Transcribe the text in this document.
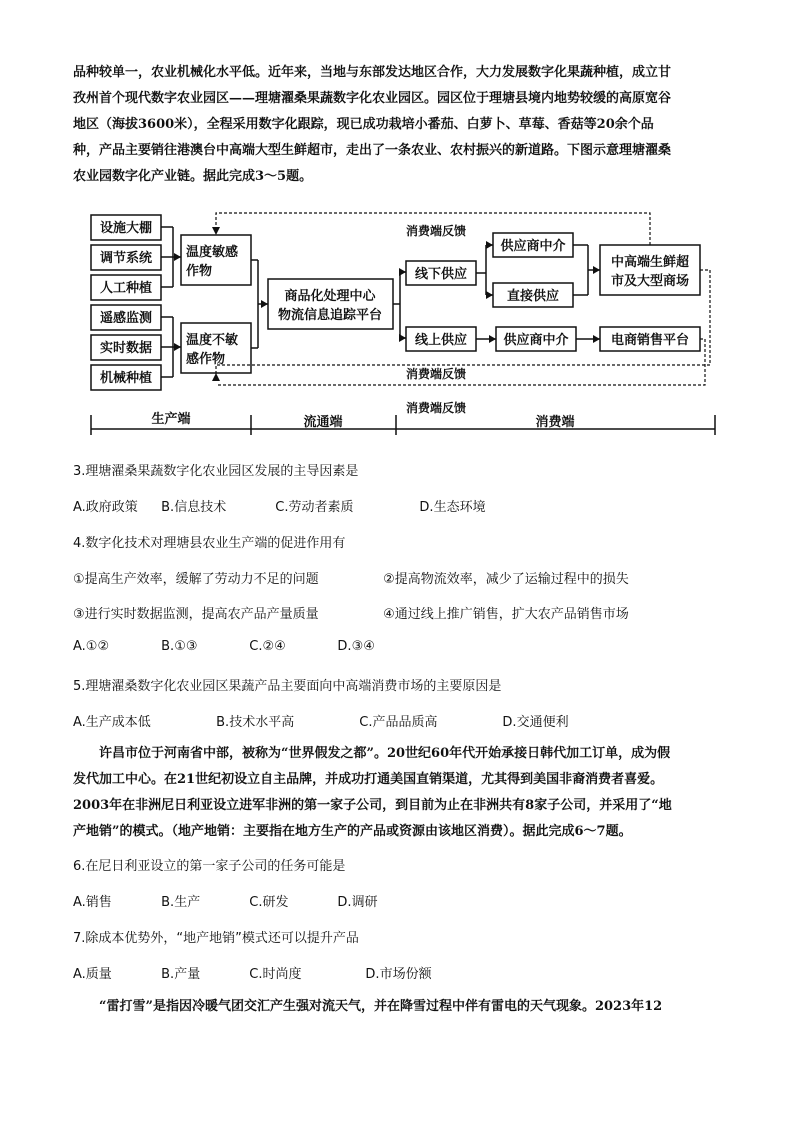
品种较单一，农业机械化水平低。近年来，当地与东部发达地区合作，大力发展数字化果蔬种植，成立甘

孜州首个现代数字农业园区——理塘濯桑果蔬数字化农业园区。园区位于理塘县境内地势较缓的高原宽谷

地区（海拔3600米），全程采用数字化跟踪，现已成功栽培小番茄、白萝卜、草莓、香菇等20余个品

种，产品主要销往港澳台中高端大型生鲜超市，走出了一条农业、农村振兴的新道路。下图示意理塘濯桑

农业园数字化产业链。据此完成3～5题。

设施大棚
调节系统
人工种植
遥感监测
实时数据
机械种植
温度敏感
作物
温度不敏
感作物
商品化处理中心
物流信息追踪平台
线下供应
线上供应
供应商中介
直接供应
供应商中介
中高端生鲜超
市及大型商场
电商销售平台
消费端反馈
消费端反馈
消费端反馈
生产端	流通端	消费端
3.理塘濯桑果蔬数字化农业园区发展的主导因素是
A.政府政策 B.信息技术	C.劳动者素质	D.生态环境
4.数字化技术对理塘县农业生产端的促进作用有
①提高生产效率，缓解了劳动力不足的问题	②提高物流效率，减少了运输过程中的损失
③进行实时数据监测，提高农产品产量质量	④通过线上推广销售，扩大农产品销售市场
A.①②	B.①③	C.②④	D.③④
5.理塘濯桑数字化农业园区果蔬产品主要面向中高端消费市场的主要原因是
A.生产成本低	B.技术水平高	C.产品品质高	D.交通便利

许昌市位于河南省中部，被称为“世界假发之都”。20世纪60年代开始承接日韩代加工订单，成为假

发代加工中心。在21世纪初设立自主品牌，并成功打通美国直销渠道，尤其得到美国非裔消费者喜爱。

2003年在非洲尼日利亚设立进军非洲的第一家子公司，到目前为止在非洲共有8家子公司，并采用了“地

产地销”的模式。（地产地销：主要指在地方生产的产品或资源由该地区消费）。据此完成6～7题。

6.在尼日利亚设立的第一家子公司的任务可能是
A.销售	B.生产	C.研发	D.调研
7.除成本优势外，“地产地销”模式还可以提升产品
A.质量	B.产量	C.时尚度	D.市场份额

“雷打雪”是指因冷暖气团交汇产生强对流天气，并在降雪过程中伴有雷电的天气现象。2023年12
